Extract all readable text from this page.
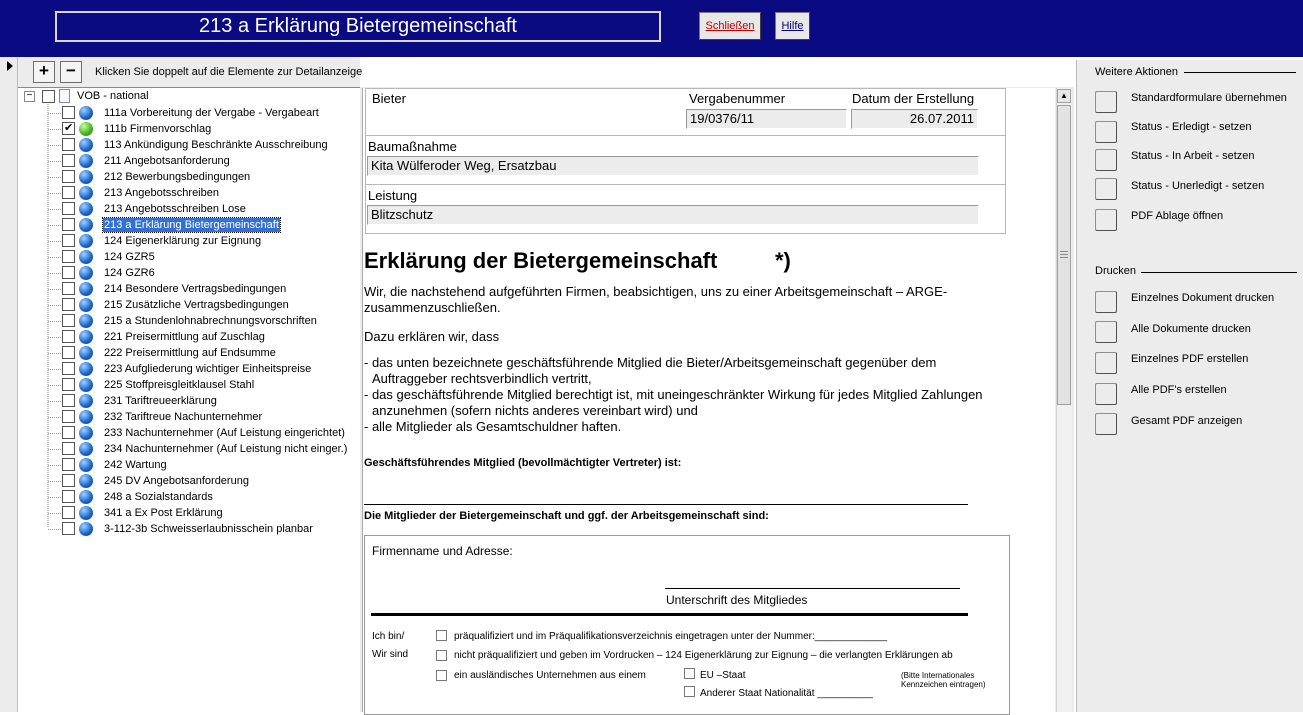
213 a Erklärung Bietergemeinschaft	Schließen	Hilfe
+	−	Klicken Sie doppelt auf die Elemente zur Detailanzeige
−	VOB - national
111a Vorbereitung der Vergabe - Vergabeart
✔
111b Firmenvorschlag
113 Ankündigung Beschränkte Ausschreibung
211 Angebotsanforderung
212 Bewerbungsbedingungen
213 Angebotsschreiben
213 Angebotsschreiben Lose
213 a Erklärung Bietergemeinschaft
124 Eigenerklärung zur Eignung
124 GZR5
124 GZR6
214 Besondere Vertragsbedingungen
215 Zusätzliche Vertragsbedingungen
215 a Stundenlohnabrechnungsvorschriften
221 Preisermittlung auf Zuschlag
222 Preisermittlung auf Endsumme
223 Aufgliederung wichtiger Einheitspreise
225 Stoffpreisgleitklausel Stahl
231 Tariftreueerklärung
232 Tariftreue Nachunternehmer
233 Nachunternehmer (Auf Leistung eingerichtet)
234 Nachunternehmer (Auf Leistung nicht einger.)
242 Wartung
245 DV Angebotsanforderung
248 a Sozialstandards
341 a Ex Post Erklärung
3-112-3b Schweisserlaubnisschein planbar
Bieter	Vergabenummer
19/0376/11
Datum der Erstellung
26.07.2011
Baumaßnahme
Kita Wülferoder Weg, Ersatzbau
Leistung
Blitzschutz
Erklärung der Bietergemeinschaft	*)
Wir, die nachstehend aufgeführten Firmen, beabsichtigen, uns zu einer Arbeitsgemeinschaft – ARGE-
zusammenzuschließen.
Dazu erklären wir, dass
- das unten bezeichnete geschäftsführende Mitglied die Bieter/Arbeitsgemeinschaft gegenüber dem
Auftraggeber rechtsverbindlich vertritt,
- das geschäftsführende Mitglied berechtigt ist, mit uneingeschränkter Wirkung für jedes Mitglied Zahlungen
anzunehmen (sofern nichts anderes vereinbart wird) und
- alle Mitglieder als Gesamtschuldner haften.
Geschäftsführendes Mitglied (bevollmächtigter Vertreter) ist:
Die Mitglieder der Bietergemeinschaft und ggf. der Arbeitsgemeinschaft sind:
Firmenname und Adresse:
Unterschrift des Mitgliedes
Ich bin/
Wir sind
präqualifiziert und im Präqualifikationsverzeichnis eingetragen unter der Nummer:_____________
nicht präqualifiziert und geben im Vordrucken – 124 Eigenerklärung zur Eignung – die verlangten Erklärungen ab
ein ausländisches Unternehmen aus einem	EU –Staat
Anderer Staat Nationalität __________
(Bitte Internationales
Kennzeichen eintragen)
▲
Weitere Aktionen
Standardformulare übernehmen
Status - Erledigt - setzen
Status - In Arbeit - setzen
Status - Unerledigt - setzen
PDF Ablage öffnen
Drucken
Einzelnes Dokument drucken
Alle Dokumente drucken
Einzelnes PDF erstellen
Alle PDF's erstellen
Gesamt PDF anzeigen
